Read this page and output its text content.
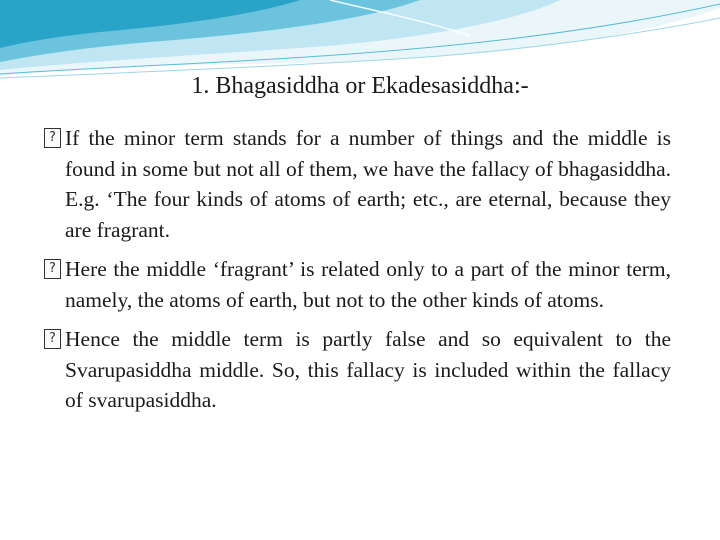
1. Bhagasiddha or Ekadesasiddha:-
? If the minor term stands for a number of things and the middle is found in some but not all of them, we have the fallacy of bhagasiddha. E.g. ‘The four kinds of atoms of earth; etc., are eternal, because they are fragrant.
? Here the middle ‘fragrant’ is related only to a part of the minor term, namely, the atoms of earth, but not to the other kinds of atoms.
? Hence the middle term is partly false and so equivalent to the Svarupasiddha middle. So, this fallacy is included within the fallacy of svarupasiddha.
